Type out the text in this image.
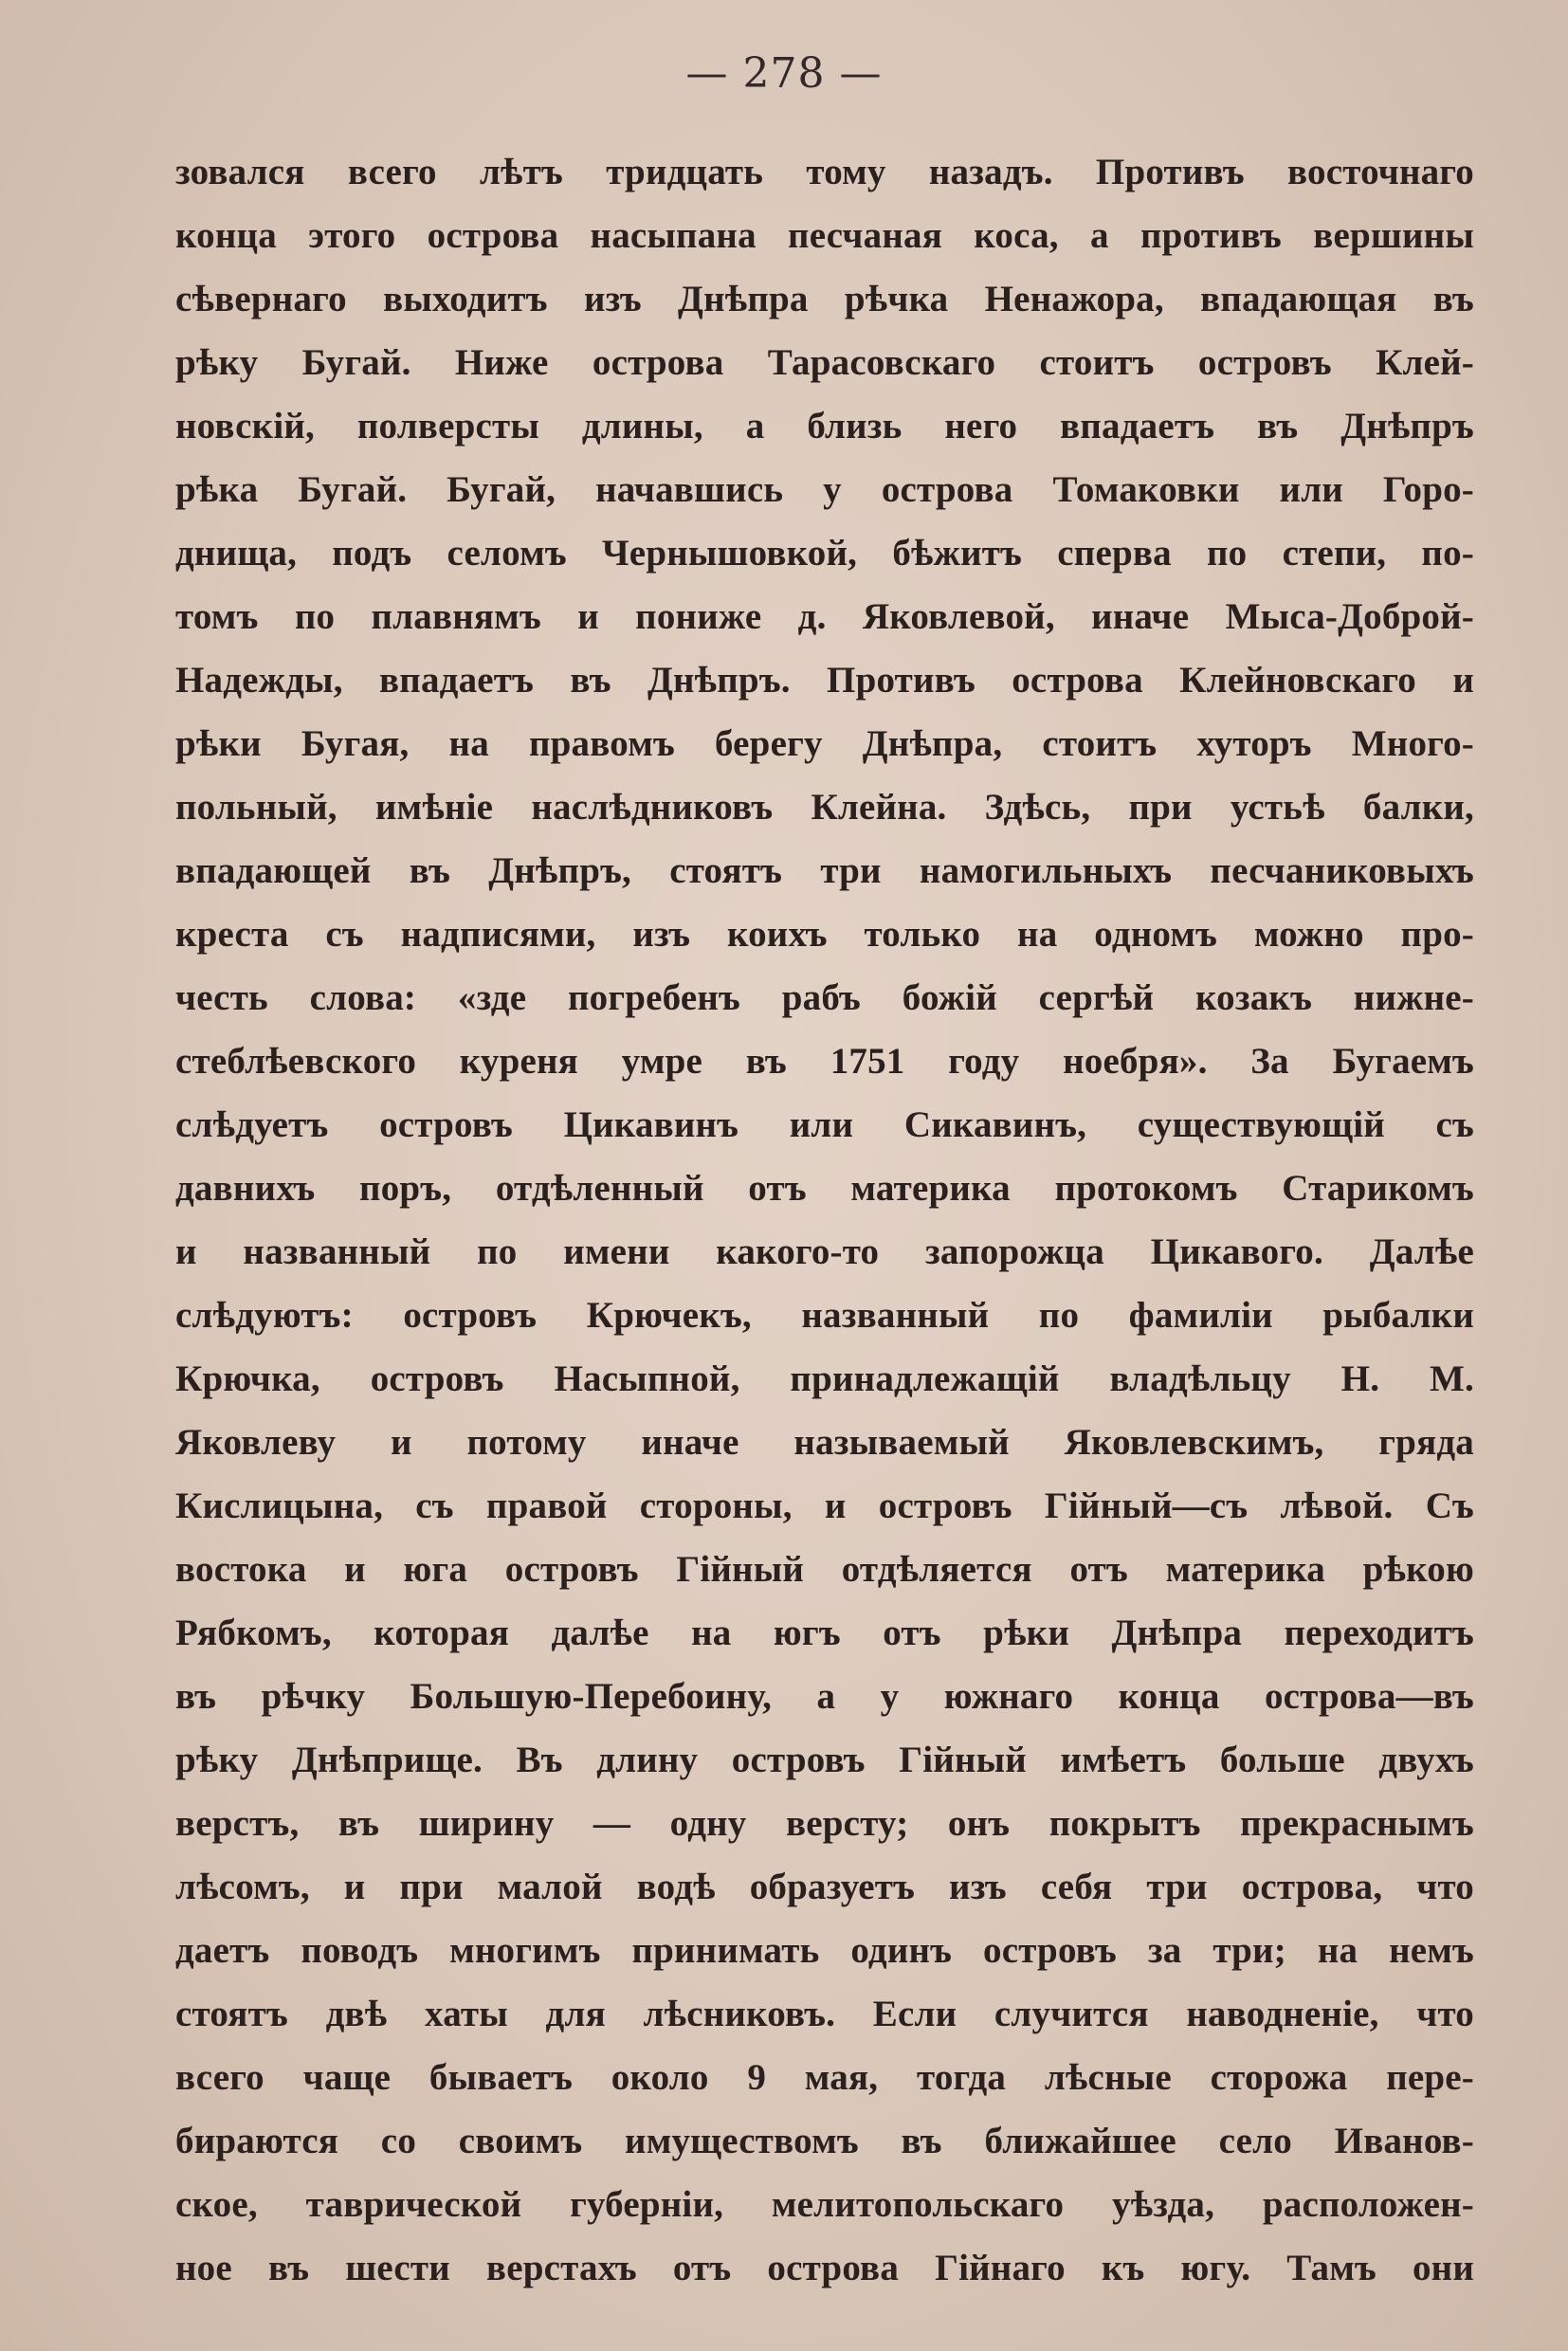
— 278 —
зовался всего лѣтъ тридцать тому назадъ. Противъ восточнаго
конца этого острова насыпана песчаная коса, а противъ вершины
сѣвернаго выходитъ изъ Днѣпра рѣчка Ненажора, впадающая въ
рѣку Бугай. Ниже острова Тарасовскаго стоитъ островъ Клей-
новскій, полверсты длины, а близь него впадаетъ въ Днѣпръ
рѣка Бугай. Бугай, начавшись у острова Томаковки или Горо-
днища, подъ селомъ Чернышовкой, бѣжитъ сперва по степи, по-
томъ по плавнямъ и пониже д. Яковлевой, иначе Мыса-Доброй-
Надежды, впадаетъ въ Днѣпръ. Противъ острова Клейновскаго и
рѣки Бугая, на правомъ берегу Днѣпра, стоитъ хуторъ Много-
польный, имѣніе наслѣдниковъ Клейна. Здѣсь, при устьѣ балки,
впадающей въ Днѣпръ, стоятъ три намогильныхъ песчаниковыхъ
креста съ надписями, изъ коихъ только на одномъ можно про-
честь слова: «зде погребенъ рабъ божій сергѣй козакъ нижне-
стеблѣевского куреня умре въ 1751 году ноебря». За Бугаемъ
слѣдуетъ островъ Цикавинъ или Сикавинъ, существующій съ
давнихъ поръ, отдѣленный отъ материка протокомъ Старикомъ
и названный по имени какого-то запорожца Цикавого. Далѣе
слѣдуютъ: островъ Крючекъ, названный по фамиліи рыбалки
Крючка, островъ Насыпной, принадлежащій владѣльцу Н. М.
Яковлеву и потому иначе называемый Яковлевскимъ, гряда
Кислицына, съ правой стороны, и островъ Гійный—съ лѣвой. Съ
востока и юга островъ Гійный отдѣляется отъ материка рѣкою
Рябкомъ, которая далѣе на югъ отъ рѣки Днѣпра переходитъ
въ рѣчку Большую-Перебоину, а у южнаго конца острова—въ
рѣку Днѣприще. Въ длину островъ Гійный имѣетъ больше двухъ
верстъ, въ ширину — одну версту; онъ покрытъ прекраснымъ
лѣсомъ, и при малой водѣ образуетъ изъ себя три острова, что
даетъ поводъ многимъ принимать одинъ островъ за три; на немъ
стоятъ двѣ хаты для лѣсниковъ. Если случится наводненіе, что
всего чаще бываетъ около 9 мая, тогда лѣсные сторожа пере-
бираются со своимъ имуществомъ въ ближайшее село Иванов-
ское, таврической губерніи, мелитопольскаго уѣзда, расположен-
ное въ шести верстахъ отъ острова Гійнаго къ югу. Тамъ они
